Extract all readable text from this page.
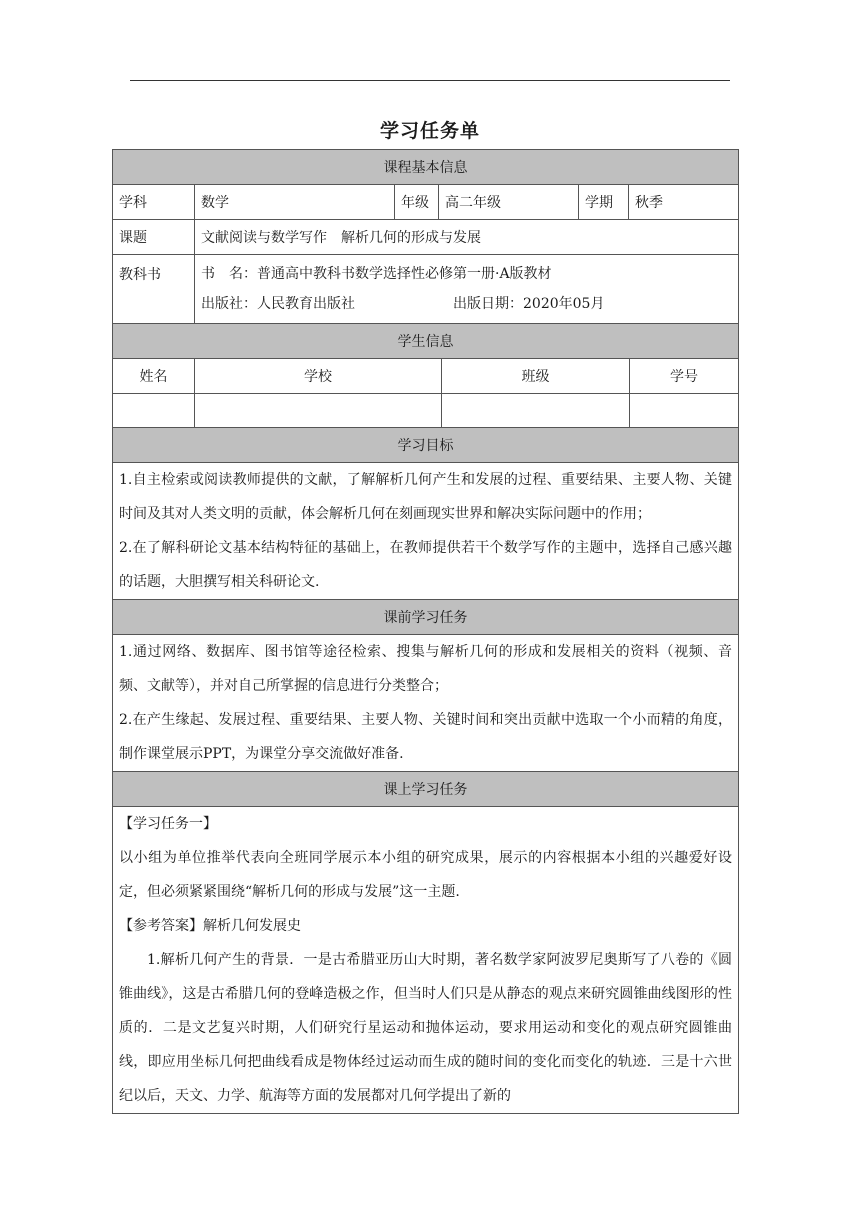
学习任务单
课程基本信息					
学科	数学	年级	高二年级	学期	秋季
课题	文献阅读与数学写作　解析几何的形成与发展				
教科书	书　名：普通高中教科书数学选择性必修第一册·A版教材
出版社：人民教育出版社 出版日期：2020年05月				
学生信息			
姓名	学校	班级	学号

学习目标

1.自主检索或阅读教师提供的文献，了解解析几何产生和发展的过程、重要结果、主要人物、关键时间及其对人类文明的贡献，体会解析几何在刻画现实世界和解决实际问题中的作用；

2.在了解科研论文基本结构特征的基础上，在教师提供若干个数学写作的主题中，选择自己感兴趣的话题，大胆撰写相关科研论文.

课前学习任务

1.通过网络、数据库、图书馆等途径检索、搜集与解析几何的形成和发展相关的资料（视频、音频、文献等），并对自己所掌握的信息进行分类整合；

2.在产生缘起、发展过程、重要结果、主要人物、关键时间和突出贡献中选取一个小而精的角度，制作课堂展示PPT，为课堂分享交流做好准备.

课上学习任务

【学习任务一】

以小组为单位推举代表向全班同学展示本小组的研究成果，展示的内容根据本小组的兴趣爱好设定，但必须紧紧围绕“解析几何的形成与发展”这一主题.

【参考答案】解析几何发展史

1.解析几何产生的背景．一是古希腊亚历山大时期，著名数学家阿波罗尼奥斯写了八卷的《圆锥曲线》，这是古希腊几何的登峰造极之作，但当时人们只是从静态的观点来研究圆锥曲线图形的性质的．二是文艺复兴时期，人们研究行星运动和抛体运动，要求用运动和变化的观点研究圆锥曲线，即应用坐标几何把曲线看成是物体经过运动而生成的随时间的变化而变化的轨迹．三是十六世纪以后，天文、力学、航海等方面的发展都对几何学提出了新的
